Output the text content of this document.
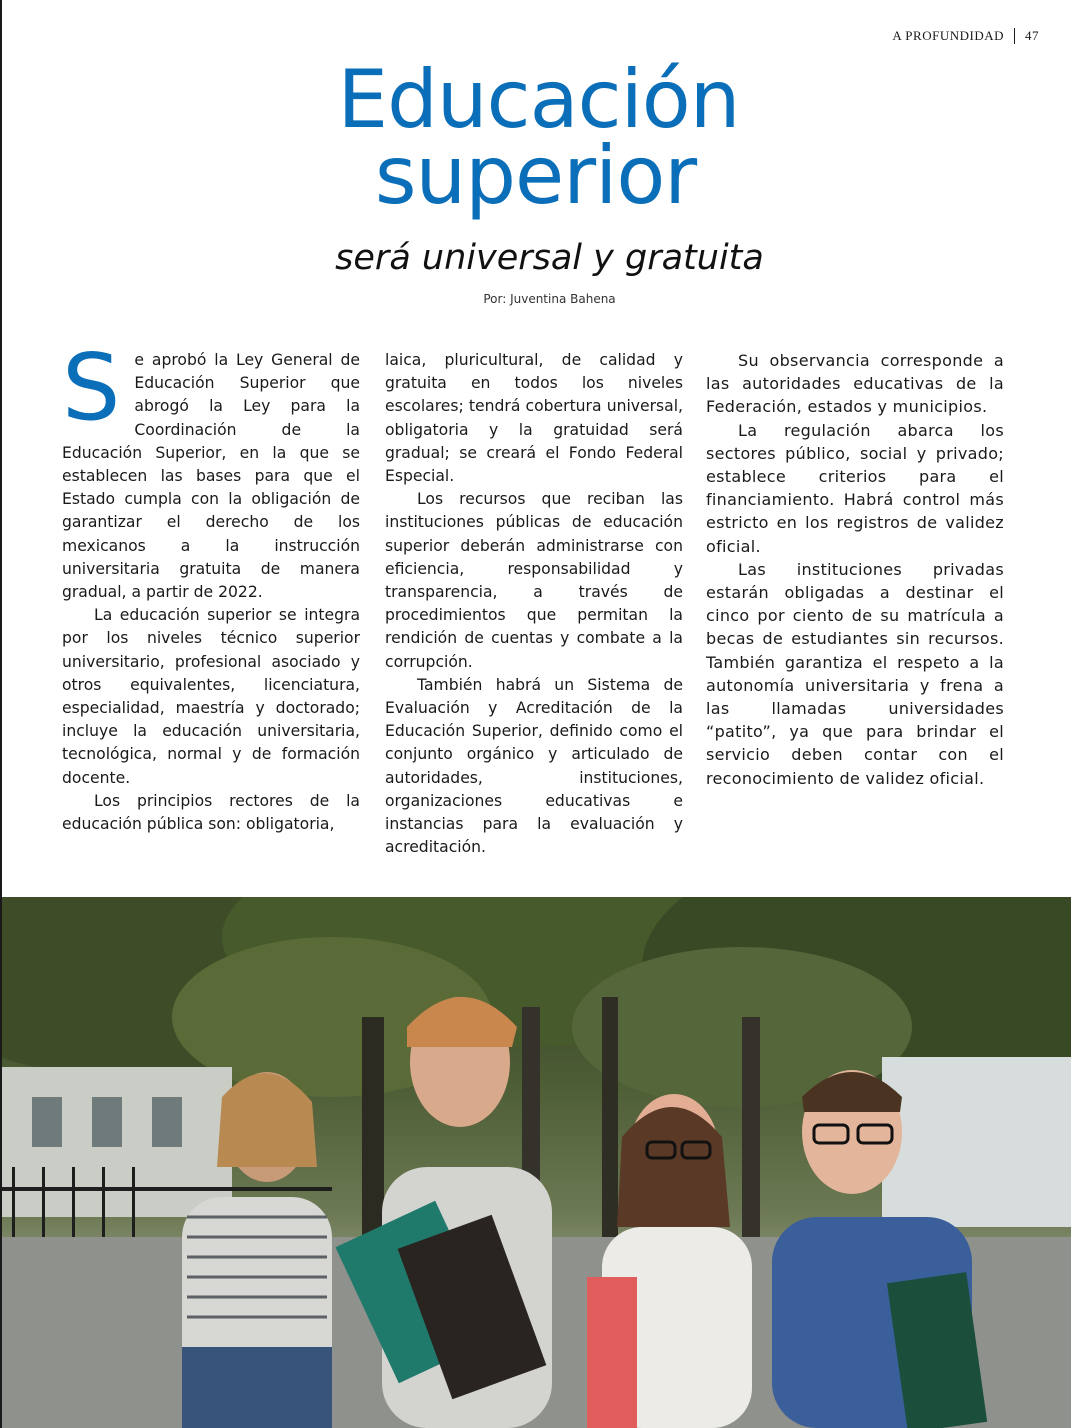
A PROFUNDIDAD 47
Educación
superior
será universal y gratuita
Por: Juventina Bahena

Se aprobó la Ley General de Educación Superior que abrogó la Ley para la Coordinación de la Educación Superior, en la que se establecen las bases para que el Estado cumpla con la obligación de garantizar el derecho de los mexicanos a la instrucción universitaria gratuita de manera gradual, a partir de 2022.

La educación superior se integra por los niveles técnico superior universitario, profesional asociado y otros equivalentes, licenciatura, especialidad, maestría y doctorado; incluye la educación universitaria, tecnológica, normal y de formación docente.

Los principios rectores de la educación pública son: obligatoria,

laica, pluricultural, de calidad y gratuita en todos los niveles escolares; tendrá cobertura universal, obligatoria y la gratuidad será gradual; se creará el Fondo Federal Especial.

Los recursos que reciban las instituciones públicas de educación superior deberán administrarse con eficiencia, responsabilidad y transparencia, a través de procedimientos que permitan la rendición de cuentas y combate a la corrupción.

También habrá un Sistema de Evaluación y Acreditación de la Educación Superior, definido como el conjunto orgánico y articulado de autoridades, instituciones, organizaciones educativas e instancias para la evaluación y acreditación.

Su observancia corresponde a las autoridades educativas de la Federación, estados y municipios.

La regulación abarca los sectores público, social y privado; establece criterios para el financiamiento. Habrá control más estricto en los registros de validez oficial.

Las instituciones privadas estarán obligadas a destinar el cinco por ciento de su matrícula a becas de estudiantes sin recursos. También garantiza el respeto a la autonomía universitaria y frena a las llamadas universidades “patito”, ya que para brindar el servicio deben contar con el reconocimiento de validez oficial.
